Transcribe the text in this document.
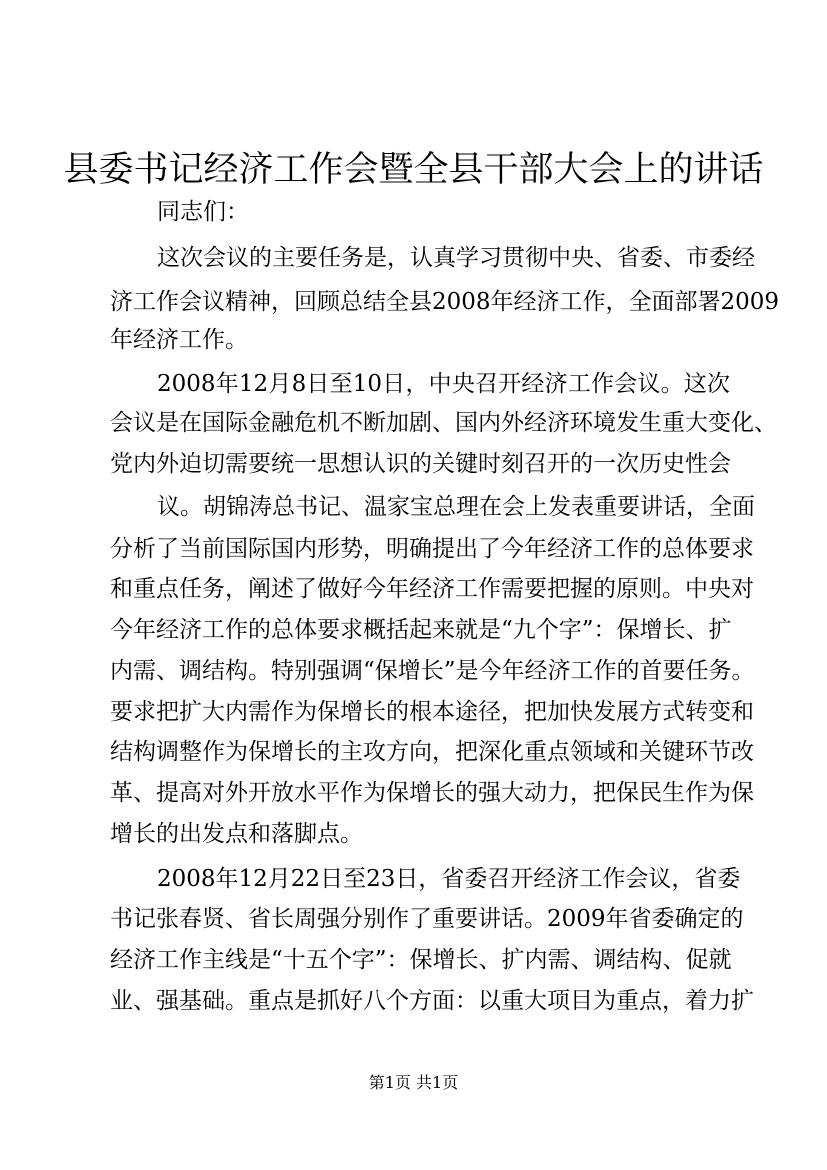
县委书记经济工作会暨全县干部大会上的讲话
同志们：
这次会议的主要任务是，认真学习贯彻中央、省委、市委经
济工作会议精神，回顾总结全县2008年经济工作，全面部署2009
年经济工作。
2008年12月8日至10日，中央召开经济工作会议。这次
会议是在国际金融危机不断加剧、国内外经济环境发生重大变化、
党内外迫切需要统一思想认识的关键时刻召开的一次历史性会
议。胡锦涛总书记、温家宝总理在会上发表重要讲话，全面
分析了当前国际国内形势，明确提出了今年经济工作的总体要求
和重点任务，阐述了做好今年经济工作需要把握的原则。中央对
今年经济工作的总体要求概括起来就是“九个字”：保增长、扩
内需、调结构。特别强调“保增长”是今年经济工作的首要任务。
要求把扩大内需作为保增长的根本途径，把加快发展方式转变和
结构调整作为保增长的主攻方向，把深化重点领域和关键环节改
革、提高对外开放水平作为保增长的强大动力，把保民生作为保
增长的出发点和落脚点。
2008年12月22日至23日，省委召开经济工作会议，省委
书记张春贤、省长周强分别作了重要讲话。2009年省委确定的
经济工作主线是“十五个字”：保增长、扩内需、调结构、促就
业、强基础。重点是抓好八个方面：以重大项目为重点，着力扩
第1页 共1页
